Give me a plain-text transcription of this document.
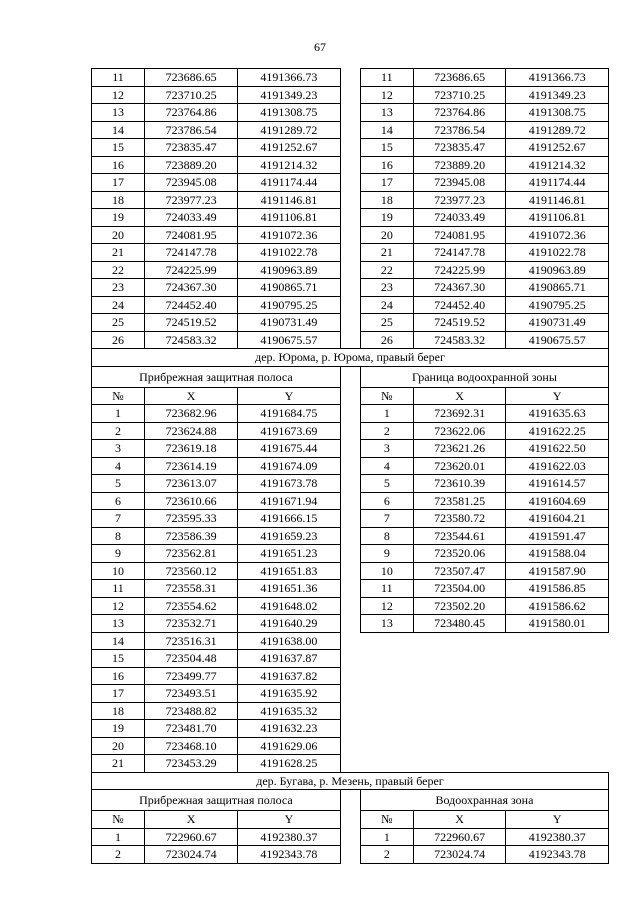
67
11	723686.65	4191366.73		11	723686.65	4191366.73
12	723710.25	4191349.23		12	723710.25	4191349.23
13	723764.86	4191308.75		13	723764.86	4191308.75
14	723786.54	4191289.72		14	723786.54	4191289.72
15	723835.47	4191252.67		15	723835.47	4191252.67
16	723889.20	4191214.32		16	723889.20	4191214.32
17	723945.08	4191174.44		17	723945.08	4191174.44
18	723977.23	4191146.81		18	723977.23	4191146.81
19	724033.49	4191106.81		19	724033.49	4191106.81
20	724081.95	4191072.36		20	724081.95	4191072.36
21	724147.78	4191022.78		21	724147.78	4191022.78
22	724225.99	4190963.89		22	724225.99	4190963.89
23	724367.30	4190865.71		23	724367.30	4190865.71
24	724452.40	4190795.25		24	724452.40	4190795.25
25	724519.52	4190731.49		25	724519.52	4190731.49
26	724583.32	4190675.57		26	724583.32	4190675.57
дер. Юрома, р. Юрома, правый берег						
Прибрежная защитная полоса				Граница водоохранной зоны		
№	X	Y		№	X	Y
1	723682.96	4191684.75		1	723692.31	4191635.63
2	723624.88	4191673.69		2	723622.06	4191622.25
3	723619.18	4191675.44		3	723621.26	4191622.50
4	723614.19	4191674.09		4	723620.01	4191622.03
5	723613.07	4191673.78		5	723610.39	4191614.57
6	723610.66	4191671.94		6	723581.25	4191604.69
7	723595.33	4191666.15		7	723580.72	4191604.21
8	723586.39	4191659.23		8	723544.61	4191591.47
9	723562.81	4191651.23		9	723520.06	4191588.04
10	723560.12	4191651.83		10	723507.47	4191587.90
11	723558.31	4191651.36		11	723504.00	4191586.85
12	723554.62	4191648.02		12	723502.20	4191586.62
13	723532.71	4191640.29		13	723480.45	4191580.01
14	723516.31	4191638.00				
15	723504.48	4191637.87				
16	723499.77	4191637.82				
17	723493.51	4191635.92				
18	723488.82	4191635.32				
19	723481.70	4191632.23				
20	723468.10	4191629.06				
21	723453.29	4191628.25				
дер. Бугава, р. Мезень, правый берег						
Прибрежная защитная полоса				Водоохранная зона		
№	X	Y		№	X	Y
1	722960.67	4192380.37		1	722960.67	4192380.37
2	723024.74	4192343.78		2	723024.74	4192343.78
